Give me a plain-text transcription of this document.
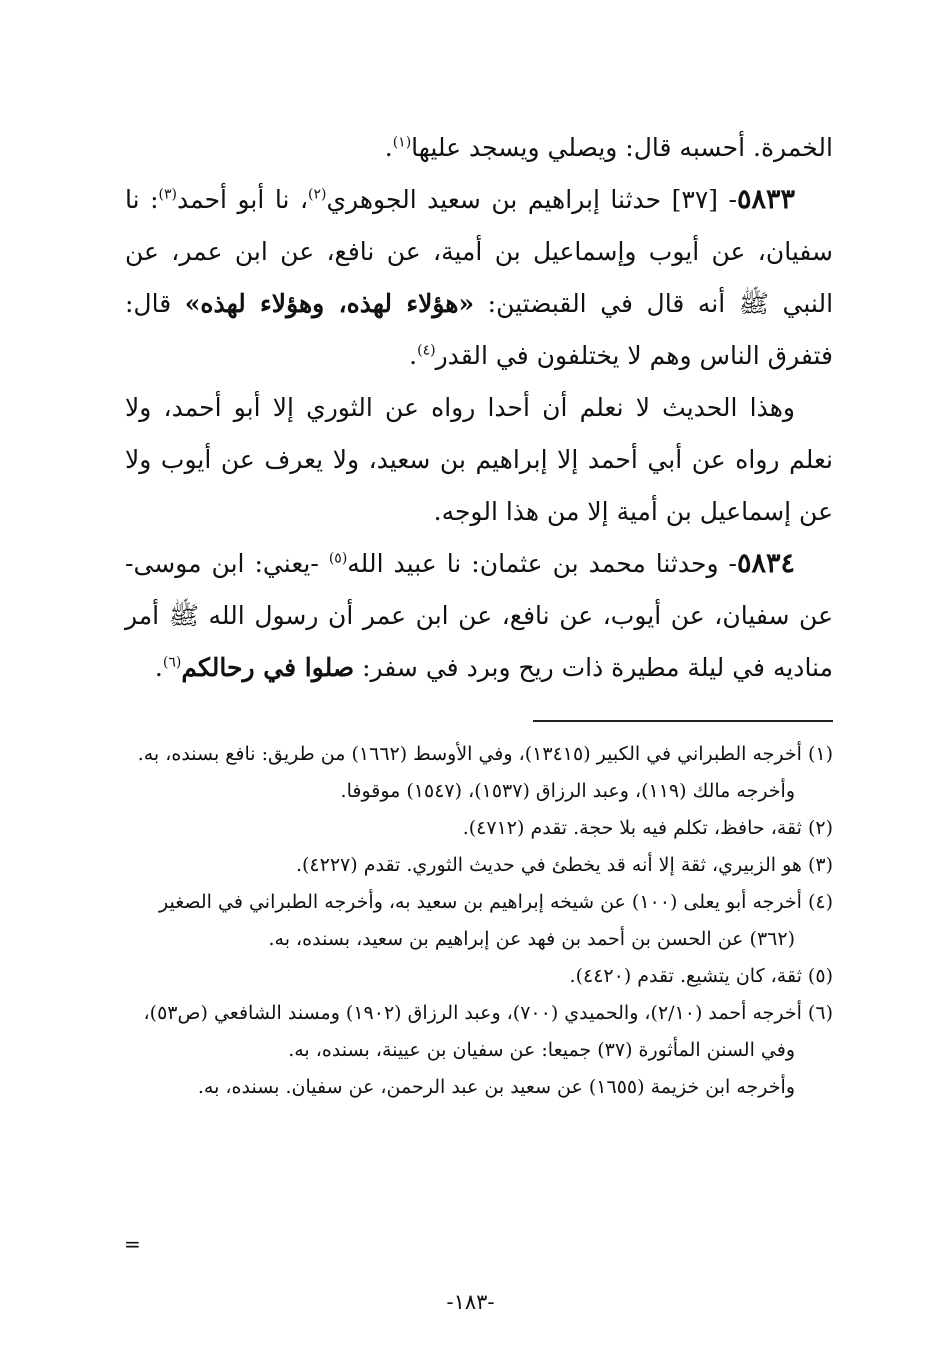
الخمرة. أحسبه قال: ويصلي ويسجد عليها$^{(١)}$.

٥٨٣٣- [٣٧] حدثنا إبراهيم بن سعيد الجوهري$^{(٢)}$، نا أبو أحمد$^{(٣)}$: نا سفيان، عن أيوب وإسماعيل بن أمية، عن نافع، عن ابن عمر، عن النبي ﷺ أنه قال في القبضتين: «هؤلاء لهذه، وهؤلاء لهذه» قال: فتفرق الناس وهم لا يختلفون في القدر$^{(٤)}$.

وهذا الحديث لا نعلم أن أحدا رواه عن الثوري إلا أبو أحمد، ولا نعلم رواه عن أبي أحمد إلا إبراهيم بن سعيد، ولا يعرف عن أيوب ولا عن إسماعيل بن أمية إلا من هذا الوجه.

٥٨٣٤- وحدثنا محمد بن عثمان: نا عبيد الله$^{(٥)}$ -يعني: ابن موسى- عن سفيان، عن أيوب، عن نافع، عن ابن عمر أن رسول الله ﷺ أمر مناديه في ليلة مطيرة ذات ريح وبرد في سفر: صلوا في رحالكم$^{(٦)}$.

(١) أخرجه الطبراني في الكبير (١٣٤١٥)، وفي الأوسط (١٦٦٢) من طريق: نافع بسنده، به.

وأخرجه مالك (١١٩)، وعبد الرزاق (١٥٣٧)، (١٥٤٧) موقوفا.

(٢) ثقة، حافظ، تكلم فيه بلا حجة. تقدم (٤٧١٢).

(٣) هو الزبيري، ثقة إلا أنه قد يخطئ في حديث الثوري. تقدم (٤٢٢٧).

(٤) أخرجه أبو يعلى (١٠٠) عن شيخه إبراهيم بن سعيد به، وأخرجه الطبراني في الصغير (٣٦٢) عن الحسن بن أحمد بن فهد عن إبراهيم بن سعيد، بسنده، به.

(٥) ثقة، كان يتشيع. تقدم (٤٤٢٠).

(٦) أخرجه أحمد (٢/١٠)، والحميدي (٧٠٠)، وعبد الرزاق (١٩٠٢) ومسند الشافعي (ص٥٣)، وفي السنن المأثورة (٣٧) جميعا: عن سفيان بن عيينة، بسنده، به.

وأخرجه ابن خزيمة (١٦٥٥) عن سعيد بن عبد الرحمن، عن سفيان. بسنده، به.

=
-١٨٣-
